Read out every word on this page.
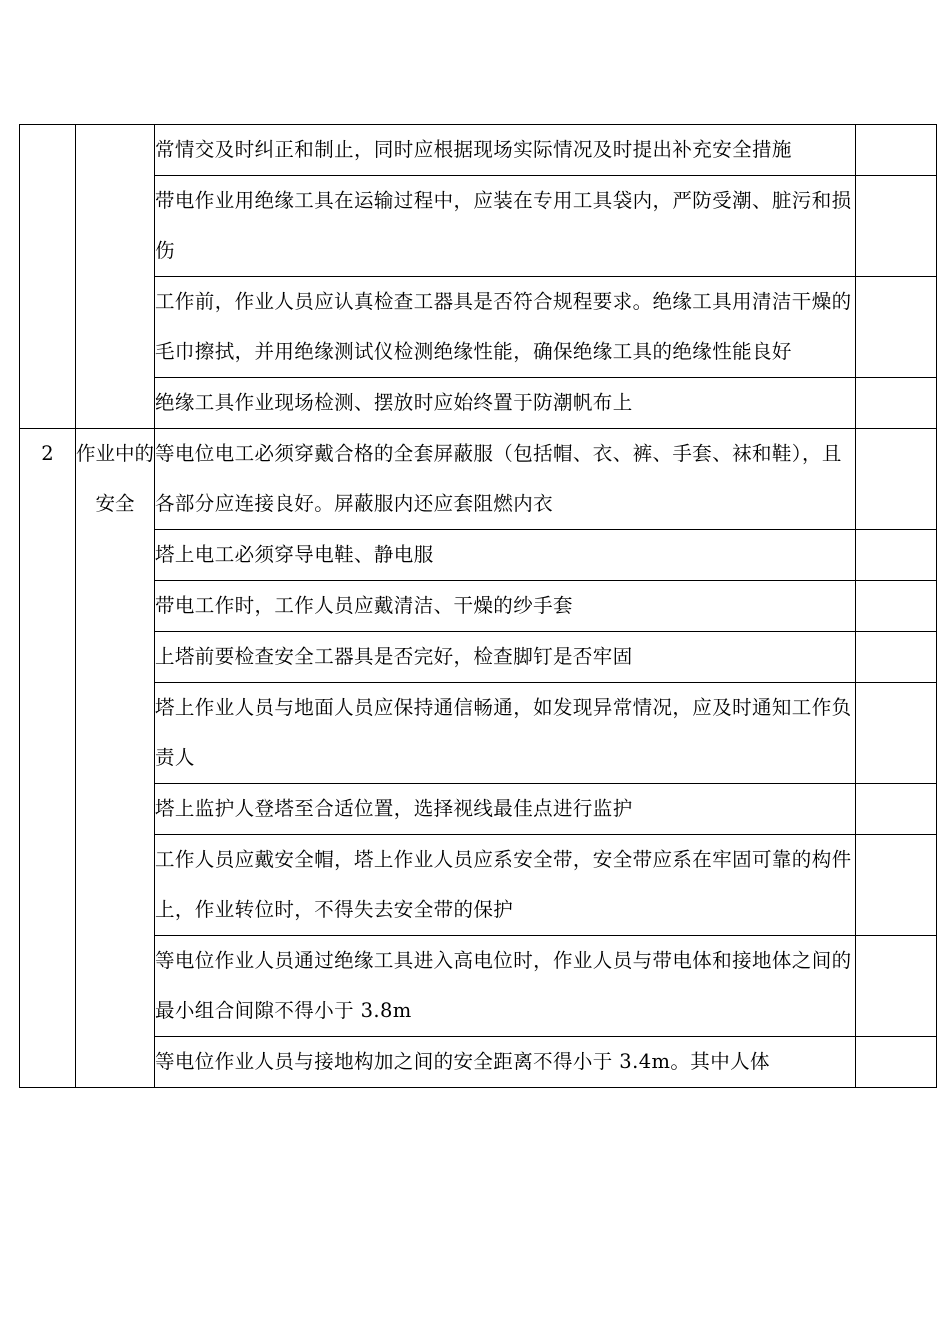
		常情交及时纠正和制止，同时应根据现场实际情况及时提出补充安全措施	
		带电作业用绝缘工具在运输过程中，应装在专用工具袋内，严防受潮、脏污和损伤	
		工作前，作业人员应认真检查工器具是否符合规程要求。绝缘工具用清洁干燥的毛巾擦拭，并用绝缘测试仪检测绝缘性能，确保绝缘工具的绝缘性能良好	
		绝缘工具作业现场检测、摆放时应始终置于防潮帆布上	
2	作业中的安全	等电位电工必须穿戴合格的全套屏蔽服（包括帽、衣、裤、手套、袜和鞋），且各部分应连接良好。屏蔽服内还应套阻燃内衣	
		塔上电工必须穿导电鞋、静电服	
		带电工作时，工作人员应戴清洁、干燥的纱手套	
		上塔前要检查安全工器具是否完好，检查脚钉是否牢固	
		塔上作业人员与地面人员应保持通信畅通，如发现异常情况，应及时通知工作负责人	
		塔上监护人登塔至合适位置，选择视线最佳点进行监护	
		工作人员应戴安全帽，塔上作业人员应系安全带，安全带应系在牢固可靠的构件上，作业转位时，不得失去安全带的保护	
		等电位作业人员通过绝缘工具进入高电位时，作业人员与带电体和接地体之间的最小组合间隙不得小于 3.8m	
		等电位作业人员与接地构加之间的安全距离不得小于 3.4m。其中人体	
